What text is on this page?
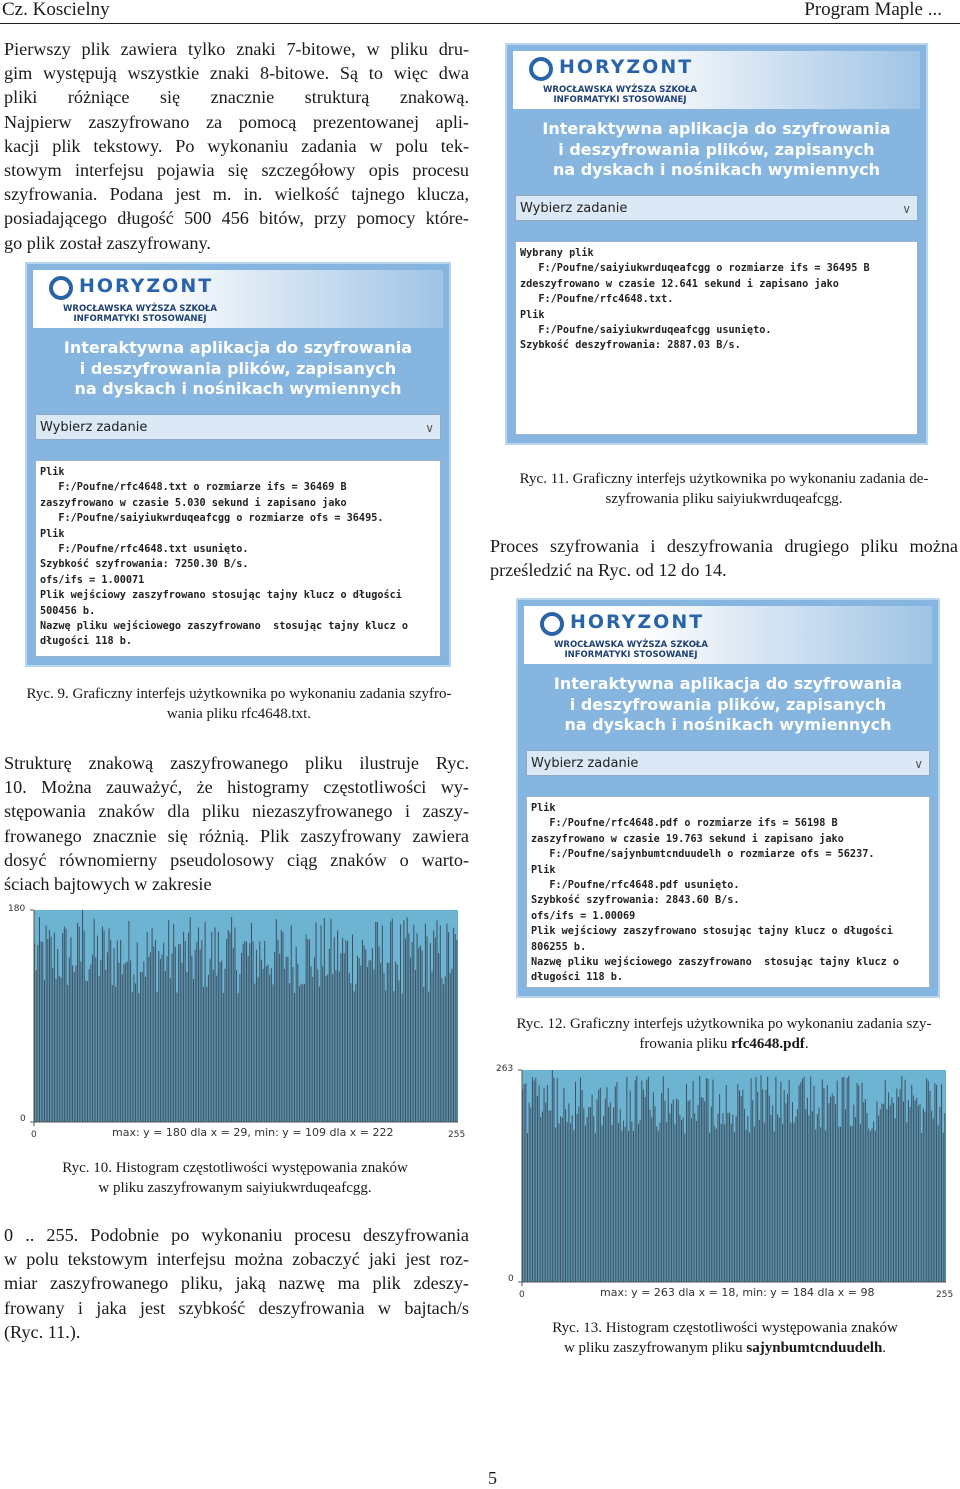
Cz. Koscielny	Program Maple ...
Pierwszy plik zawiera tylko znaki 7-bitowe, w pliku dru-
gim występują wszystkie znaki 8-bitowe. Są to więc dwa
pliki różniące się znacznie strukturą znakową.
Najpierw zaszyfrowano za pomocą prezentowanej apli-
kacji plik tekstowy. Po wykonaniu zadania w polu tek-
stowym interfejsu pojawia się szczegółowy opis procesu
szyfrowania. Podana jest m. in. wielkość tajnego klucza,
posiadającego długość 500 456 bitów, przy pomocy które-
go plik został zaszyfrowany.
HORYZONT
WROCŁAWSKA WYŻSZA SZKOŁA
INFORMATYKI STOSOWANEJ
Interaktywna aplikacja do szyfrowania
i deszyfrowania plików, zapisanych
na dyskach i nośnikach wymiennych
Wybierz zadanie	∨
Plik
F:/Poufne/rfc4648.txt o rozmiarze ifs = 36469 B
zaszyfrowano w czasie 5.030 sekund i zapisano jako
F:/Poufne/saiyiukwrduqeafcgg o rozmiarze ofs = 36495.
Plik
F:/Poufne/rfc4648.txt usunięto.
Szybkość szyfrowania: 7250.30 B/s.
ofs/ifs = 1.00071
Plik wejściowy zaszyfrowano stosując tajny klucz o długości
500456 b.
Nazwę pliku wejściowego zaszyfrowano  stosując tajny klucz o
długości 118 b.
Ryc. 9. Graficzny interfejs użytkownika po wykonaniu zadania szyfro-
wania pliku rfc4648.txt.
Strukturę znakową zaszyfrowanego pliku ilustruje Ryc.
10. Można zauważyć, że histogramy częstotliwości wy-
stępowania znaków dla pliku niezaszyfrowanego i zaszy-
frowanego znacznie się różnią. Plik zaszyfrowany zawiera
dosyć równomierny pseudolosowy ciąg znaków o warto-
ściach bajtowych w zakresie
180
0
0	255
max: y = 180 dla x = 29, min: y = 109 dla x = 222
Ryc. 10. Histogram częstotliwości występowania znaków
w pliku zaszyfrowanym saiyiukwrduqeafcgg.
0 .. 255. Podobnie po wykonaniu procesu deszyfrowania
w polu tekstowym interfejsu można zobaczyć jaki jest roz-
miar zaszyfrowanego pliku, jaką nazwę ma plik zdeszy-
frowany i jaka jest szybkość deszyfrowania w bajtach/s
(Ryc. 11.).
HORYZONT
WROCŁAWSKA WYŻSZA SZKOŁA
INFORMATYKI STOSOWANEJ
Interaktywna aplikacja do szyfrowania
i deszyfrowania plików, zapisanych
na dyskach i nośnikach wymiennych
Wybierz zadanie	∨
Wybrany plik
F:/Poufne/saiyiukwrduqeafcgg o rozmiarze ifs = 36495 B
zdeszyfrowano w czasie 12.641 sekund i zapisano jako
F:/Poufne/rfc4648.txt.
Plik
F:/Poufne/saiyiukwrduqeafcgg usunięto.
Szybkość deszyfrowania: 2887.03 B/s.
Ryc. 11. Graficzny interfejs użytkownika po wykonaniu zadania de-
szyfrowania pliku saiyiukwrduqeafcgg.
Proces szyfrowania i deszyfrowania drugiego pliku można
prześledzić na Ryc. od 12 do 14.
HORYZONT
WROCŁAWSKA WYŻSZA SZKOŁA
INFORMATYKI STOSOWANEJ
Interaktywna aplikacja do szyfrowania
i deszyfrowania plików, zapisanych
na dyskach i nośnikach wymiennych
Wybierz zadanie	∨
Plik
F:/Poufne/rfc4648.pdf o rozmiarze ifs = 56198 B
zaszyfrowano w czasie 19.763 sekund i zapisano jako
F:/Poufne/sajynbumtcnduudelh o rozmiarze ofs = 56237.
Plik
F:/Poufne/rfc4648.pdf usunięto.
Szybkość szyfrowania: 2843.60 B/s.
ofs/ifs = 1.00069
Plik wejściowy zaszyfrowano stosując tajny klucz o długości
806255 b.
Nazwę pliku wejściowego zaszyfrowano  stosując tajny klucz o
długości 118 b.
Ryc. 12. Graficzny interfejs użytkownika po wykonaniu zadania szy-
frowania pliku rfc4648.pdf.
263
0
0	255
max: y = 263 dla x = 18, min: y = 184 dla x = 98
Ryc. 13. Histogram częstotliwości występowania znaków
w pliku zaszyfrowanym pliku sajynbumtcnduudelh.
5
